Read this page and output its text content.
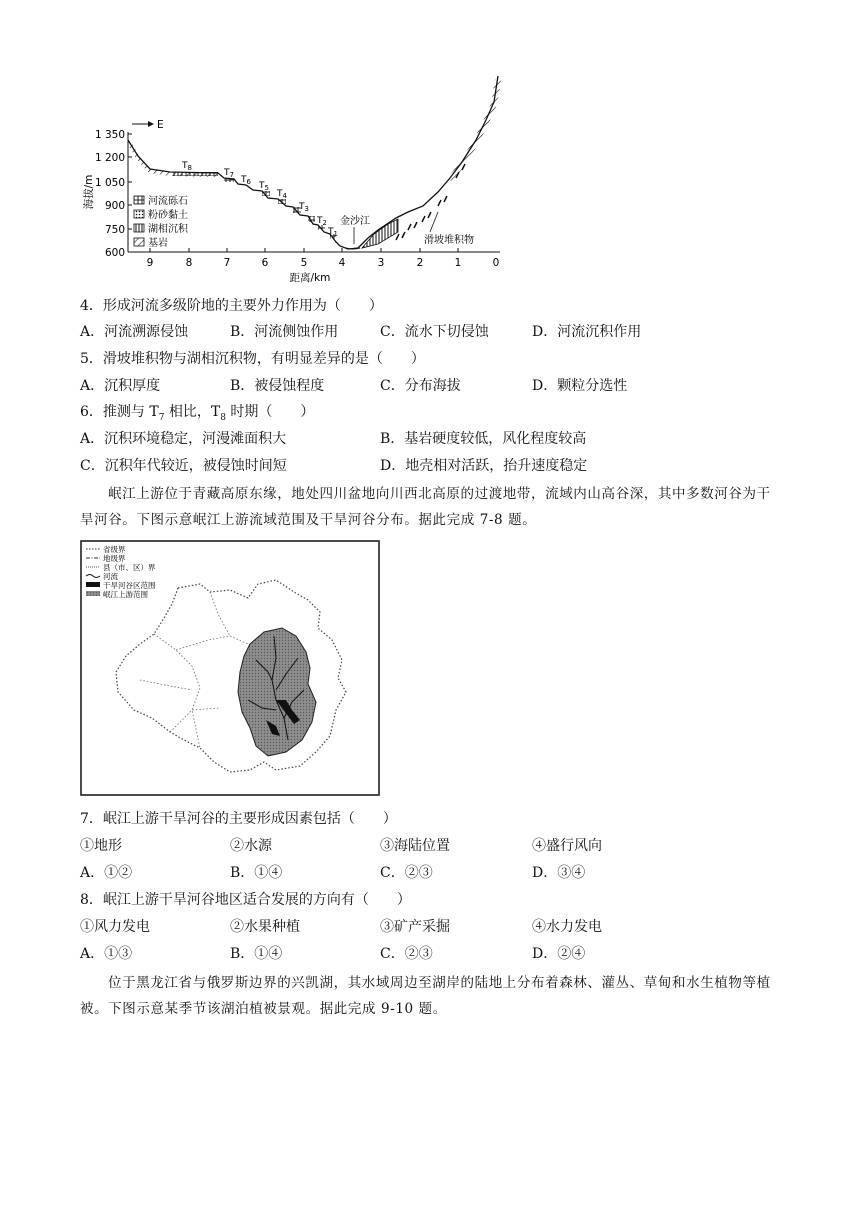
1 350
1 200
1 050
900
750
600
海拔/m
E
9	8	7	6	5	4	3	2	1	0
距离/km
$T_8$	$T_7$ $T_6$ $T_5$
$T_4$
$T_3$
$T_2$
$T_1$
金沙江
滑坡堆积物
河流砾石
粉砂黏土
湖相沉积
基岩
4．形成河流多级阶地的主要外力作用为（　　）
A．河流溯源侵蚀	B．河流侧蚀作用	C．流水下切侵蚀	D．河流沉积作用
5．滑坡堆积物与湖相沉积物，有明显差异的是（　　）
A．沉积厚度	B．被侵蚀程度	C．分布海拔	D．颗粒分选性
6．推测与 $T_7$ 相比，$T_8$ 时期（　　）
A．沉积环境稳定，河漫滩面积大	B．基岩硬度较低，风化程度较高
C．沉积年代较近，被侵蚀时间短	D．地壳相对活跃，抬升速度稳定
岷江上游位于青藏高原东缘，地处四川盆地向川西北高原的过渡地带，流域内山高谷深，其中多数河谷为干旱河谷。下图示意岷江上游流域范围及干旱河谷分布。据此完成 7-8 题。
省级界
地级界
县（市、区）界
河流
干旱河谷区范围
岷江上游范围
7．岷江上游干旱河谷的主要形成因素包括（　　）
①地形	②水源	③海陆位置	④盛行风向
A．①②	B．①④	C．②③	D．③④
8．岷江上游干旱河谷地区适合发展的方向有（　　）
①风力发电	②水果种植	③矿产采掘	④水力发电
A．①③	B．①④	C．②③	D．②④
位于黑龙江省与俄罗斯边界的兴凯湖，其水域周边至湖岸的陆地上分布着森林、灌丛、草甸和水生植物等植被。下图示意某季节该湖泊植被景观。据此完成 9-10 题。
